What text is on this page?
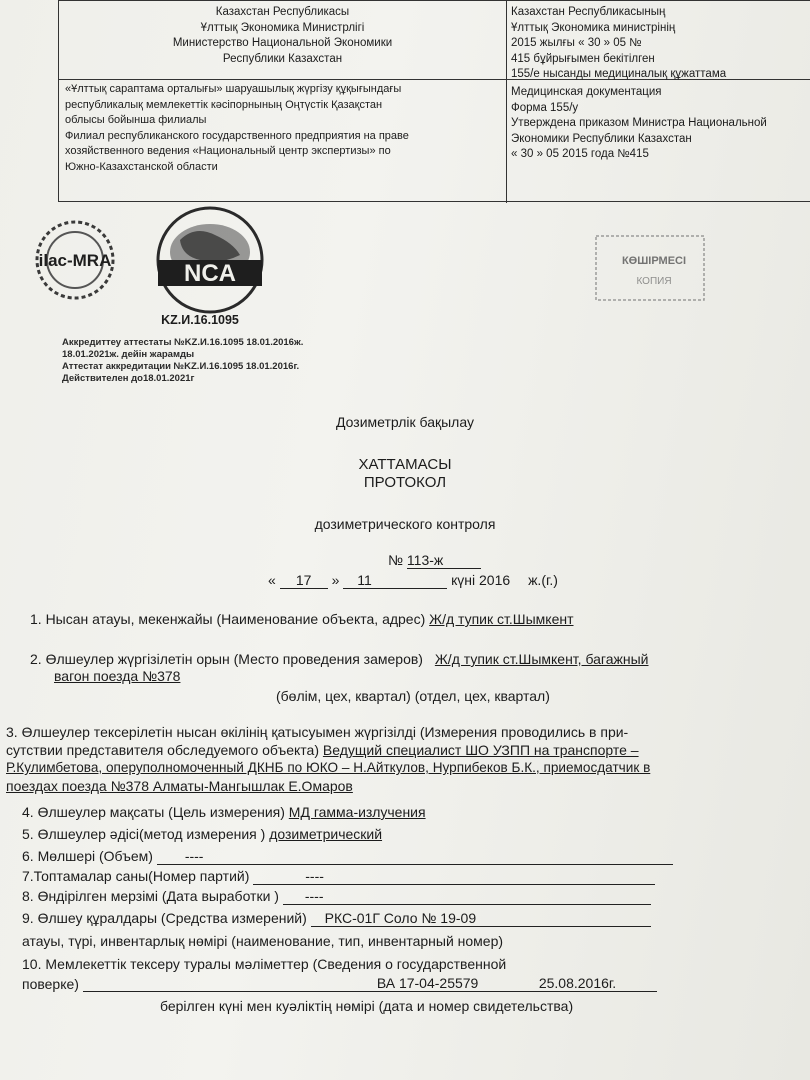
Казахстан Республикасы
Ұлттық Экономика Министрлігі
Министерство Национальной Экономики
Республики Казахстан
Казахстан Республикасының
Ұлттық Экономика министрінің
2015 жылғы « 30 » 05 №
415 бұйрығымен бекітілген
155/е нысанды медициналық құжаттама
«Ұлттық сараптама орталығы» шаруашылық жүргізу құқығындағы
республикалық мемлекеттік кәсіпорнының Оңтүстік Қазақстан
облысы бойынша филиалы
Филиал республиканского государственного предприятия на праве
хозяйственного ведения «Национальный центр экспертизы» по
Южно-Казахстанской области
Медицинская документация
Форма 155/у
Утверждена приказом Министра Национальной
Экономики Республики Казахстан
« 30 » 05 2015 года №415
ilac-MRA	NCA
KZ.И.16.1095
Аккредиттеу аттестаты №KZ.И.16.1095 18.01.2016ж.
18.01.2021ж. дейін жарамды
Аттестат аккредитации №KZ.И.16.1095 18.01.2016г.
Действителен до18.01.2021г
КӨШІРМЕСІ
КОПИЯ
Дозиметрлік бақылау
ХАТТАМАСЫ
ПРОТОКОЛ
дозиметрического контроля
№ 113-ж
« 17 » 11	күні 2016 ж.(г.)
1. Нысан атауы, мекенжайы (Наименование объекта, адрес) Ж/д тупик ст.Шымкент
2. Өлшеулер жүргізілетін орын (Место проведения замеров) Ж/д тупик ст.Шымкент, багажный
вагон поезда №378
(бөлім, цех, квартал) (отдел, цех, квартал)
3. Өлшеулер тексерілетін нысан өкілінің қатысуымен жүргізілді (Измерения проводились в при-
сутствии представителя обследуемого объекта) Ведущий специалист ШО УЗПП на транспорте –
Р.Кулимбетова, оперуполномоченный ДКНБ по ЮКО – Н.Айткулов, Нурпибеков Б.К., приемосдатчик в
поездах поезда №378 Алматы-Мангышлак Е.Омаров
4. Өлшеулер мақсаты (Цель измерения) МД гамма-излучения
5. Өлшеулер әдісі(метод измерения ) дозиметрический
6. Мөлшері (Объем) ----
7.Топтамалар саны(Номер партий)	----
8. Өндірілген мерзімі (Дата выработки ) ----
9. Өлшеу құралдары (Средства измерений) РКС-01Г Соло № 19-09
атауы, түрі, инвентарлық нөмірі (наименование, тип, инвентарный номер)
10. Мемлекеттік тексеру туралы мәліметтер (Сведения о государственной
поверке)	ВА 17-04-25579	25.08.2016г.
берілген күні мен куәліктің нөмірі (дата и номер свидетельства)
